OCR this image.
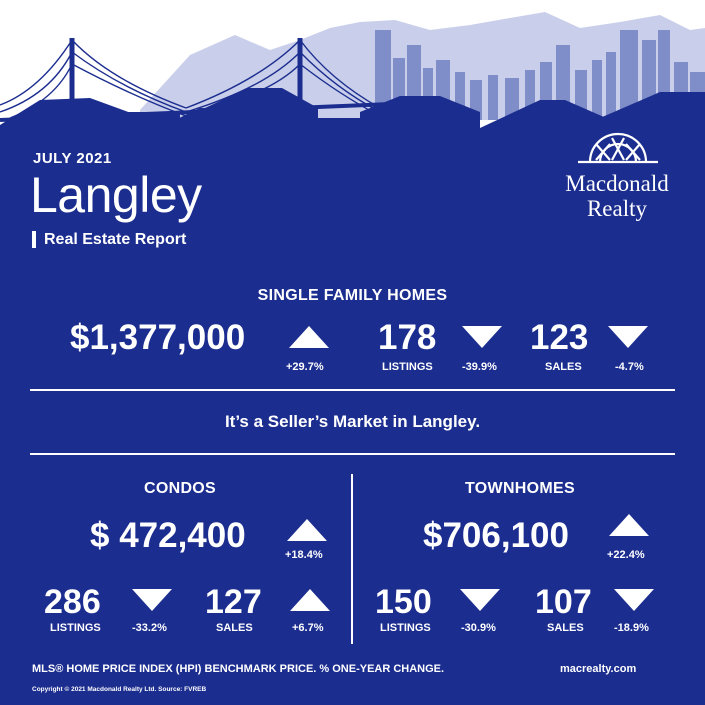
JULY 2021
Langley
Real Estate Report
Macdonald
Realty
SINGLE FAMILY HOMES
$1,377,000
+29.7%
178
LISTINGS	-39.9%
123
SALES	-4.7%
It’s a Seller’s Market in Langley.
CONDOS
$ 472,400	+18.4%
286
LISTINGS	-33.2%
127
SALES	+6.7%
TOWNHOMES
$706,100	+22.4%
150
LISTINGS	-30.9%
107
SALES	-18.9%
MLS® HOME PRICE INDEX (HPI) BENCHMARK PRICE. % ONE-YEAR CHANGE.
Copyright © 2021 Macdonald Realty Ltd. Source: FVREB
macrealty.com
